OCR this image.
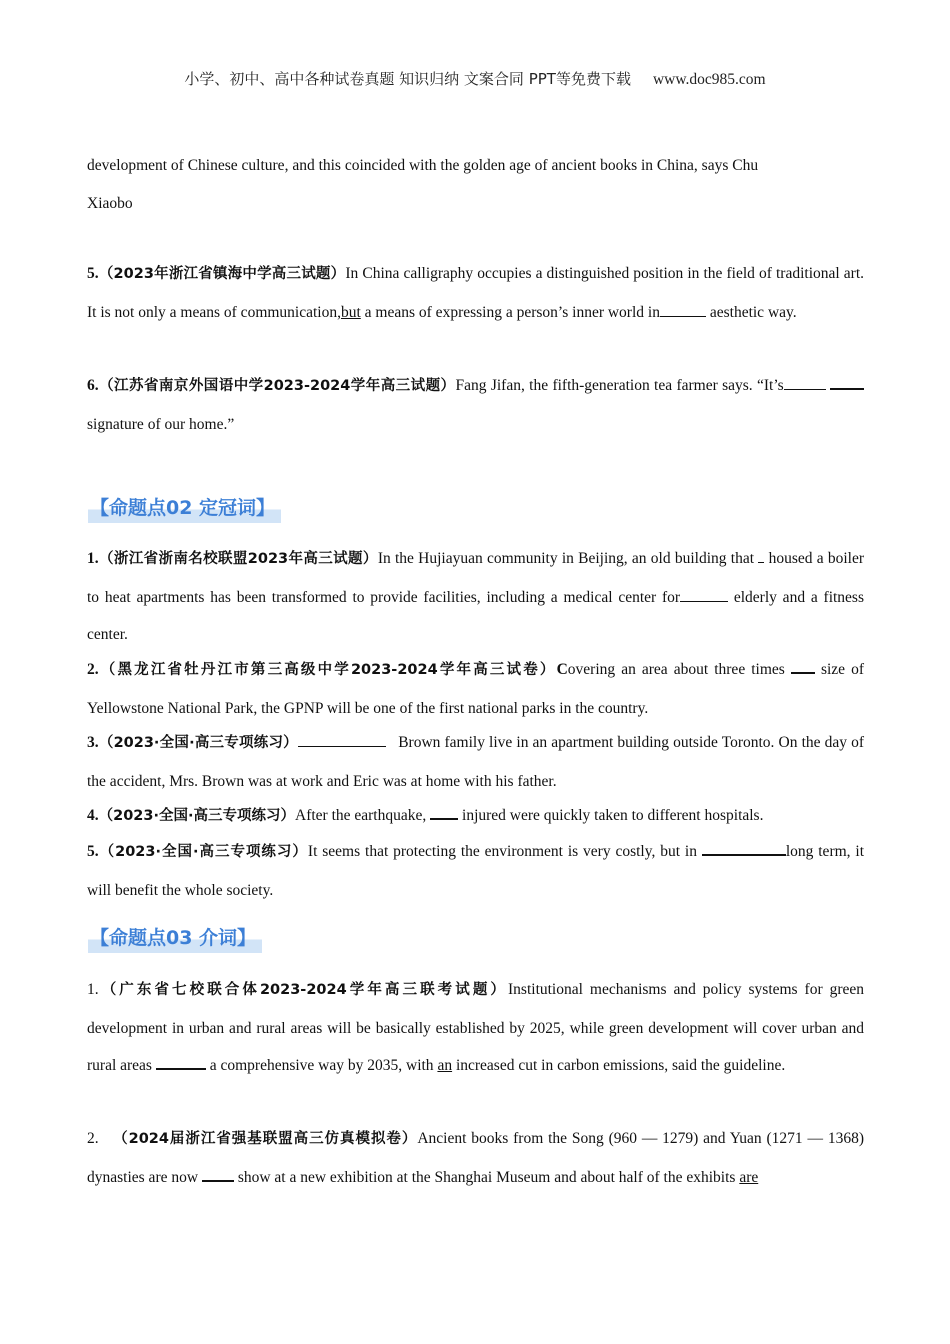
小学、初中、高中各种试卷真题 知识归纳 文案合同 PPT等免费下载 www.doc985.com
development of Chinese culture, and this coincided with the golden age of ancient books in China, says Chu
Xiaobo
5.（2023年浙江省镇海中学高三试题）In China calligraphy occupies a distinguished position in the field of traditional art. It is not only a means of communication,but a means of expressing a person’s inner world in	aesthetic way.
6.（江苏省南京外国语中学2023-2024学年高三试题）Fang Jifan, the fifth-generation tea farmer says. “It’s  signature of our home.”
【命题点02 定冠词】
1.（浙江省浙南名校联盟2023年高三试题）In the Hujiayuan community in Beijing, an old building that housed a boiler to heat apartments has been transformed to provide facilities, including a medical center for	elderly and a fitness center.
2.（黑龙江省牡丹江市第三高级中学2023-2024学年高三试卷）Covering an area about three times size of Yellowstone National Park, the GPNP will be one of the first national parks in the country.
3.（2023·全国·高三专项练习）	Brown family live in an apartment building outside Toronto. On the day of the accident, Mrs. Brown was at work and Eric was at home with his father.
4.（2023·全国·高三专项练习）After the earthquake, injured were quickly taken to different hospitals.
5.（2023·全国·高三专项练习）It seems that protecting the environment is very costly, but in	long term, it will benefit the whole society.
【命题点03 介词】
1.（广东省七校联合体2023-2024学年高三联考试题）Institutional mechanisms and policy systems for green development in urban and rural areas will be basically established by 2025, while green development will cover urban and rural areas	a comprehensive way by 2035, with an increased cut in carbon emissions, said the guideline.
2. （2024届浙江省强基联盟高三仿真模拟卷）Ancient books from the Song (960 — 1279) and Yuan (1271 — 1368) dynasties are now	show at a new exhibition at the Shanghai Museum and about half of the exhibits are
